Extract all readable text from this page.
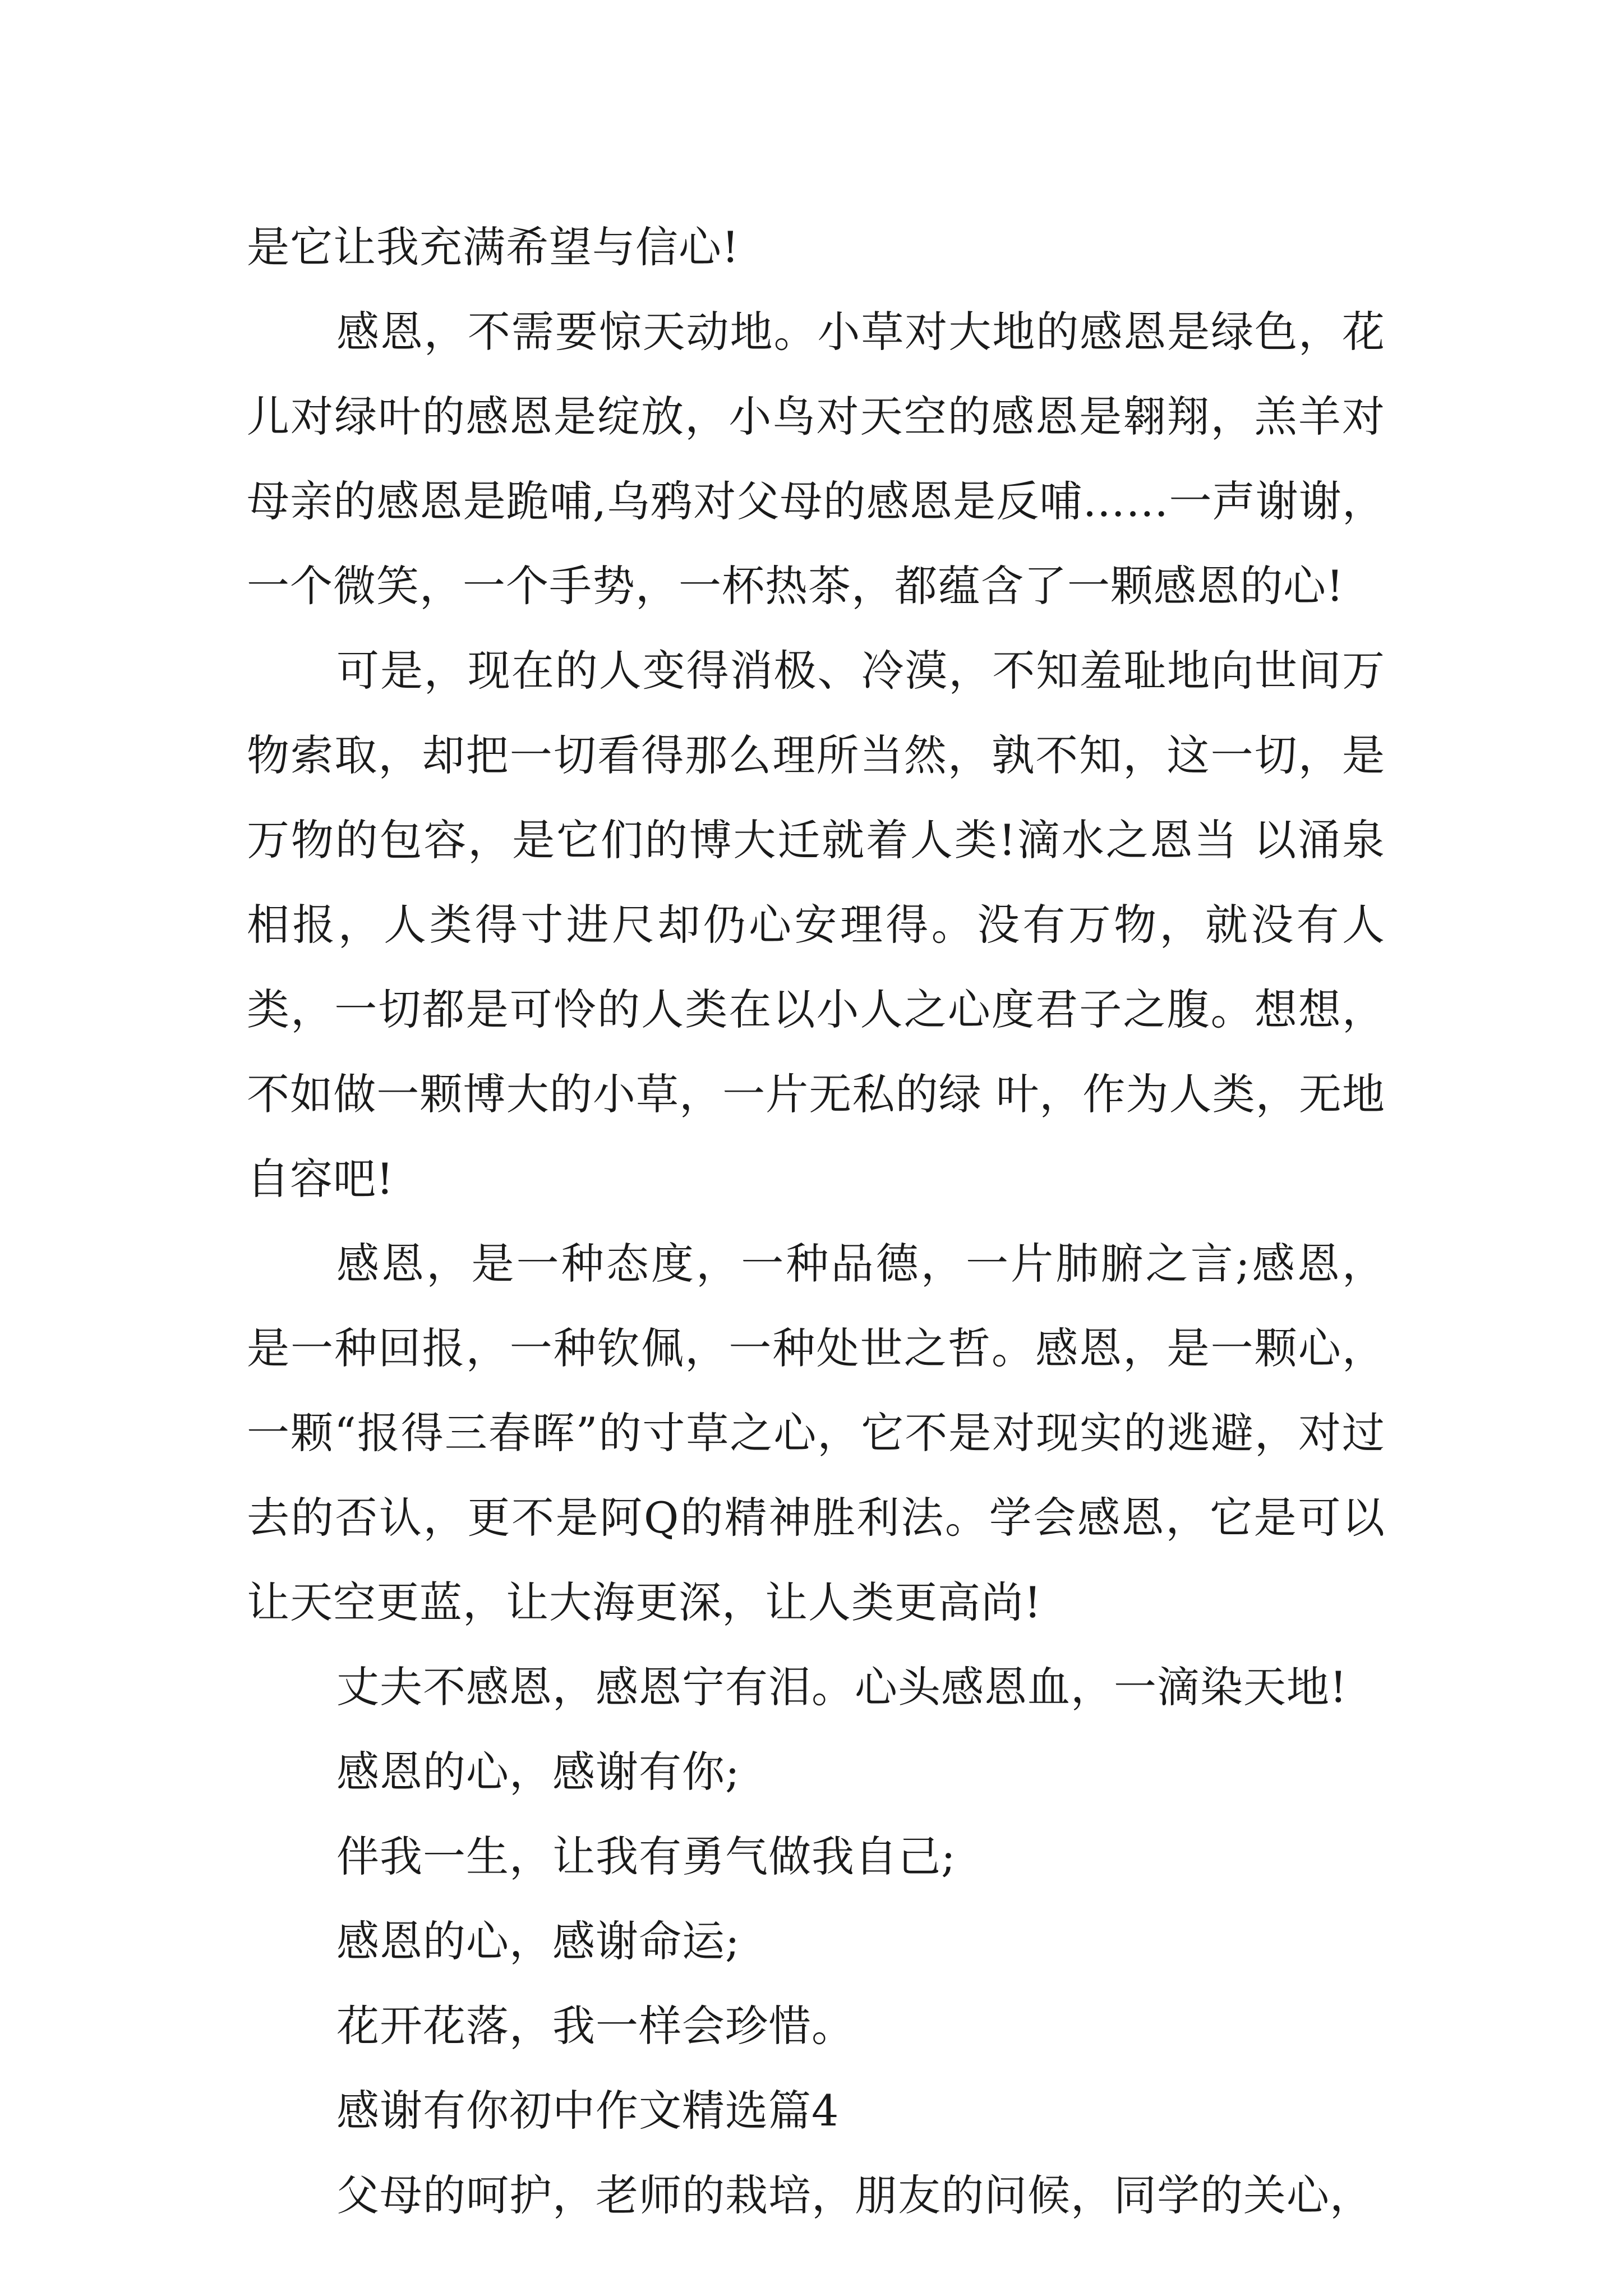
是它让我充满希望与信心!

感恩，不需要惊天动地。小草对大地的感恩是绿色，花儿对绿叶的感恩是绽放，小鸟对天空的感恩是翱翔，羔羊对母亲的感恩是跪哺,乌鸦对父母的感恩是反哺……一声谢谢，一个微笑，一个手势，一杯热茶，都蕴含了一颗感恩的心!

可是，现在的人变得消极、冷漠，不知羞耻地向世间万物索取，却把一切看得那么理所当然，孰不知，这一切，是万物的包容，是它们的博大迁就着人类!滴水之恩当 以涌泉相报，人类得寸进尺却仍心安理得。没有万物，就没有人类，一切都是可怜的人类在以小人之心度君子之腹。想想，不如做一颗博大的小草，一片无私的绿 叶，作为人类，无地自容吧!

感恩，是一种态度，一种品德，一片肺腑之言;感恩，是一种回报，一种钦佩，一种处世之哲。感恩，是一颗心，一颗“报得三春晖”的寸草之心，它不是对现实的逃避，对过去的否认，更不是阿Q的精神胜利法。学会感恩，它是可以让天空更蓝，让大海更深，让人类更高尚!

丈夫不感恩，感恩宁有泪。心头感恩血，一滴染天地!

感恩的心，感谢有你;

伴我一生，让我有勇气做我自己;

感恩的心，感谢命运;

花开花落，我一样会珍惜。

感谢有你初中作文精选篇4

父母的呵护，老师的栽培，朋友的问候，同学的关心，
